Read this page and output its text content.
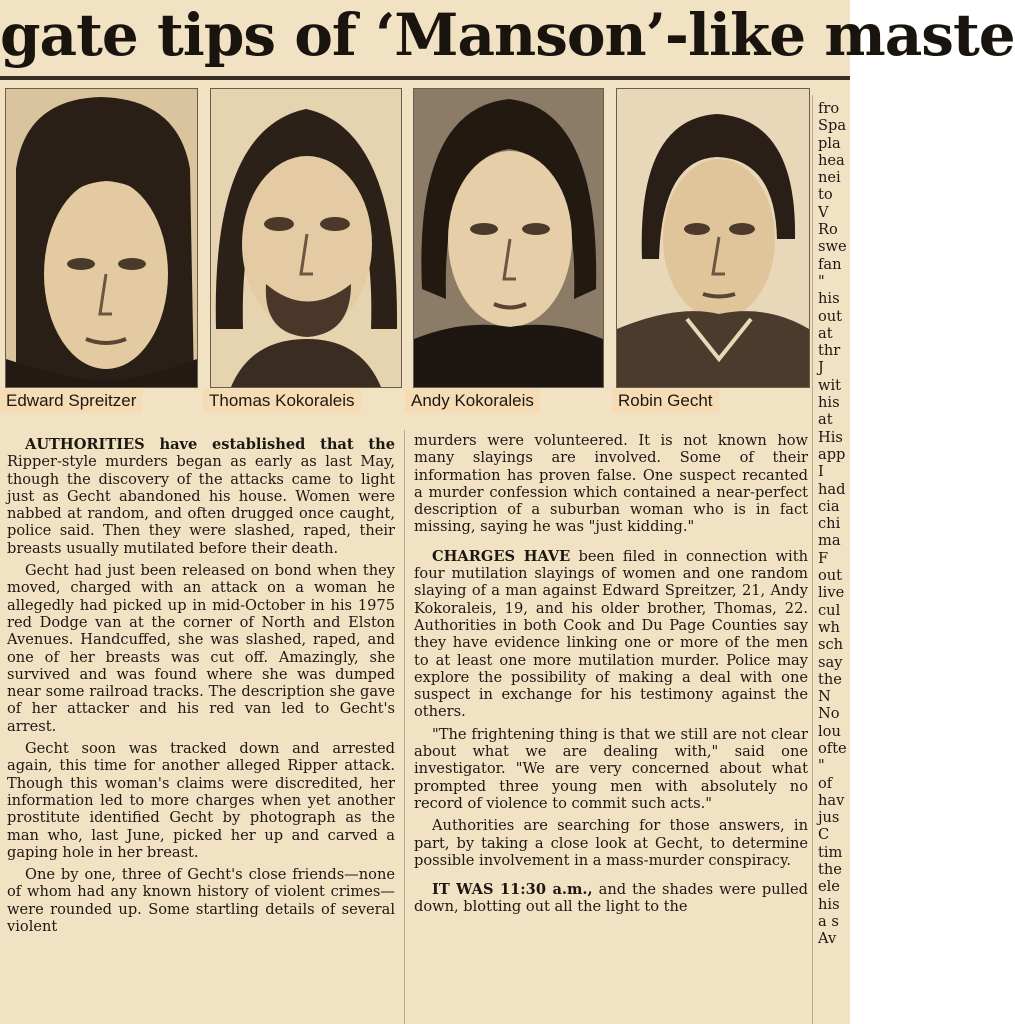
gate tips of ‘Manson’-like maste
Edward Spreitzer	Thomas Kokoraleis	Andy Kokoraleis	Robin Gecht

AUTHORITIES have established that the Ripper-style murders began as early as last May, though the discovery of the attacks came to light just as Gecht abandoned his house. Women were nabbed at random, and often drugged once caught, police said. Then they were slashed, raped, their breasts usually mutilated before their death.

Gecht had just been released on bond when they moved, charged with an attack on a woman he allegedly had picked up in mid-October in his 1975 red Dodge van at the corner of North and Elston Avenues. Handcuffed, she was slashed, raped, and one of her breasts was cut off. Amazingly, she survived and was found where she was dumped near some railroad tracks. The description she gave of her attacker and his red van led to Gecht's arrest.

Gecht soon was tracked down and arrested again, this time for another alleged Ripper attack. Though this woman's claims were discredited, her information led to more charges when yet another prostitute identified Gecht by photograph as the man who, last June, picked her up and carved a gaping hole in her breast.

One by one, three of Gecht's close friends—none of whom had any known history of violent crimes—were rounded up. Some startling details of several violent

murders were volunteered. It is not known how many slayings are involved. Some of their information has proven false. One suspect recanted a murder confession which contained a near-perfect description of a suburban woman who is in fact missing, saying he was "just kidding."

CHARGES HAVE been filed in connection with four mutilation slayings of women and one random slaying of a man against Edward Spreitzer, 21, Andy Kokoraleis, 19, and his older brother, Thomas, 22. Authorities in both Cook and Du Page Counties say they have evidence linking one or more of the men to at least one more mutilation murder. Police may explore the possibility of making a deal with one suspect in exchange for his testimony against the others.

"The frightening thing is that we still are not clear about what we are dealing with," said one investigator. "We are very concerned about what prompted three young men with absolutely no record of violence to commit such acts."

Authorities are searching for those answers, in part, by taking a close look at Gecht, to determine possible involvement in a mass-murder conspiracy.

IT WAS 11:30 a.m., and the shades were pulled down, blotting out all the light to the

fro
Spa
pla
hea
nei
to
V
Ro
swe
fan
"
his
out
at
thr
J
wit
his
at
His
app
I
had
cia
chi
ma
F
out
live
cul
wh
sch
say
the
N
No
lou
ofte
"
of
hav
jus
C
tim
the
ele
his
a s
Av
